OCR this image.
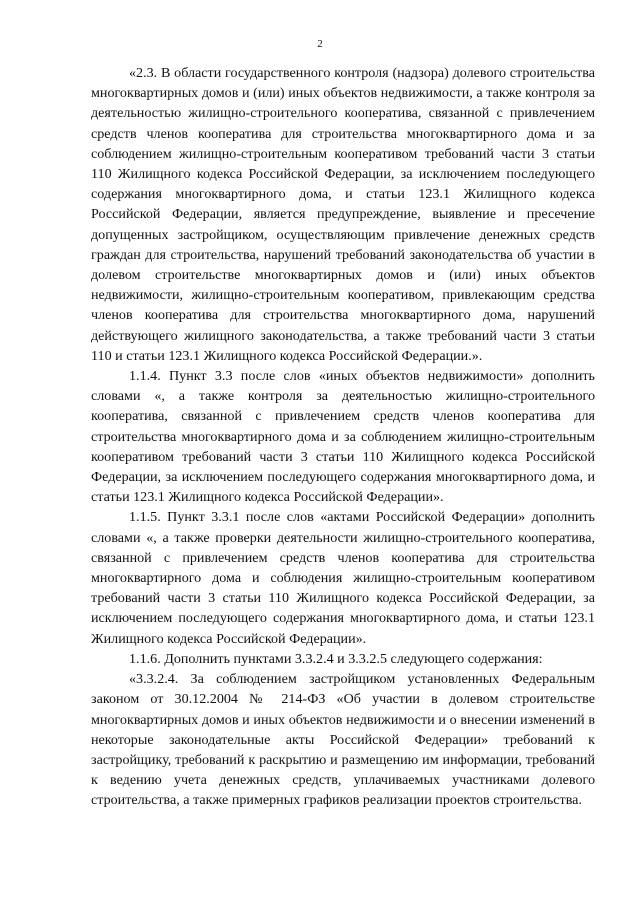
2

«2.3. В области государственного контроля (надзора) долевого строительства многоквартирных домов и (или) иных объектов недвижимости, а также контроля за деятельностью жилищно-строительного кооператива, связанной с привлечением средств членов кооператива для строительства многоквартирного дома и за соблюдением жилищно-строительным кооперативом требований части 3 статьи 110 Жилищного кодекса Российской Федерации, за исключением последующего содержания многоквартирного дома, и статьи 123.1 Жилищного кодекса Российской Федерации, является предупреждение, выявление и пресечение допущенных застройщиком, осуществляющим привлечение денежных средств граждан для строительства, нарушений требований законодательства об участии в долевом строительстве многоквартирных домов и (или) иных объектов недвижимости, жилищно-строительным кооперативом, привлекающим средства членов кооператива для строительства многоквартирного дома, нарушений действующего жилищного законодательства, а также требований части 3 статьи 110 и статьи 123.1 Жилищного кодекса Российской Федерации.».

1.1.4. Пункт 3.3 после слов «иных объектов недвижимости» дополнить словами «, а также контроля за деятельностью жилищно-строительного кооператива, связанной с привлечением средств членов кооператива для строительства многоквартирного дома и за соблюдением жилищно-строительным кооперативом требований части 3 статьи 110 Жилищного кодекса Российской Федерации, за исключением последующего содержания многоквартирного дома, и статьи 123.1 Жилищного кодекса Российской Федерации».

1.1.5. Пункт 3.3.1 после слов «актами Российской Федерации» дополнить словами «, а также проверки деятельности жилищно-строительного кооператива, связанной с привлечением средств членов кооператива для строительства многоквартирного дома и соблюдения жилищно-строительным кооперативом требований части 3 статьи 110 Жилищного кодекса Российской Федерации, за исключением последующего содержания многоквартирного дома, и статьи 123.1 Жилищного кодекса Российской Федерации».

1.1.6. Дополнить пунктами 3.3.2.4 и 3.3.2.5 следующего содержания:

«3.3.2.4. За соблюдением застройщиком установленных Федеральным законом от 30.12.2004 № 214-ФЗ «Об участии в долевом строительстве многоквартирных домов и иных объектов недвижимости и о внесении изменений в некоторые законодательные акты Российской Федерации» требований к застройщику, требований к раскрытию и размещению им информации, требований к ведению учета денежных средств, уплачиваемых участниками долевого строительства, а также примерных графиков реализации проектов строительства.
